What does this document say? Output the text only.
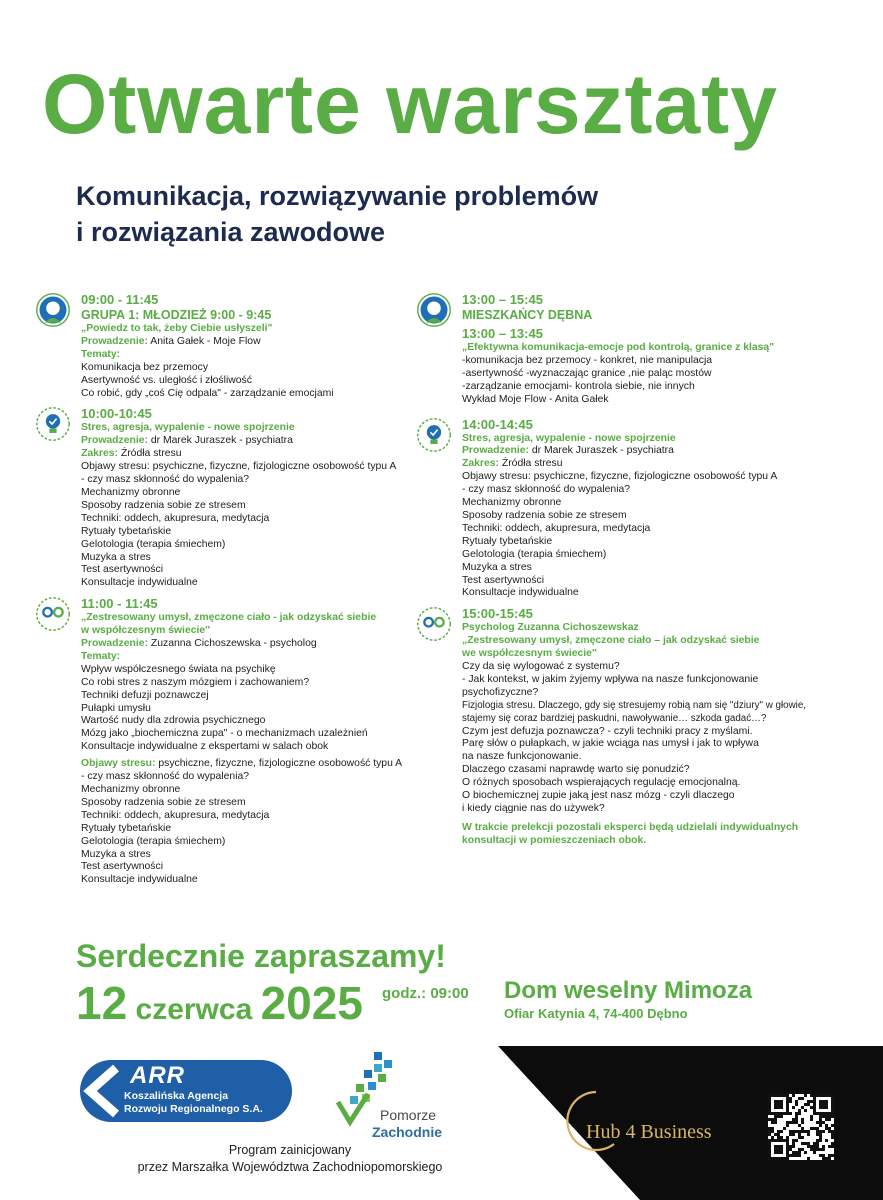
Otwarte warsztaty
Komunikacja, rozwiązywanie problemów
i rozwiązania zawodowe
09:00 - 11:45
GRUPA 1: MŁODZIEŻ 9:00 - 9:45
„Powiedz to tak, żeby Ciebie usłyszeli"
Prowadzenie: Anita Gałek - Moje Flow
Tematy:
Komunikacja bez przemocy
Asertywność vs. uległość i złośliwość
Co robić, gdy „coś Cię odpala" - zarządzanie emocjami
10:00-10:45
Stres, agresja, wypalenie - nowe spojrzenie
Prowadzenie: dr Marek Juraszek - psychiatra
Zakres: Źródła stresu
Objawy stresu: psychiczne, fizyczne, fizjologiczne osobowość typu A
- czy masz skłonność do wypalenia?
Mechanizmy obronne
Sposoby radzenia sobie ze stresem
Techniki: oddech, akupresura, medytacja
Rytuały tybetańskie
Gelotologia (terapia śmiechem)
Muzyka a stres
Test asertywności
Konsultacje indywidualne
11:00 - 11:45
„Zestresowany umysł, zmęczone ciało - jak odzyskać siebie
w współczesnym świecie"
Prowadzenie: Zuzanna Cichoszewska - psycholog
Tematy:
Wpływ współczesnego świata na psychikę
Co robi stres z naszym mózgiem i zachowaniem?
Techniki defuzji poznawczej
Pułapki umysłu
Wartość nudy dla zdrowia psychicznego
Mózg jako „biochemiczna zupa" - o mechanizmach uzależnień
Konsultacje indywidualne z ekspertami w salach obok
Objawy stresu: psychiczne, fizyczne, fizjologiczne osobowość typu A
- czy masz skłonność do wypalenia?
Mechanizmy obronne
Sposoby radzenia sobie ze stresem
Techniki: oddech, akupresura, medytacja
Rytuały tybetańskie
Gelotologia (terapia śmiechem)
Muzyka a stres
Test asertywności
Konsultacje indywidualne
13:00 – 15:45
MIESZKAŃCY DĘBNA
13:00 – 13:45
„Efektywna komunikacja-emocje pod kontrolą, granice z klasą"
-komunikacja bez przemocy - konkret, nie manipulacja
-asertywność -wyznaczając granice ,nie paląc mostów
-zarządzanie emocjami- kontrola siebie, nie innych
Wykład Moje Flow - Anita Gałek
14:00-14:45
Stres, agresja, wypalenie - nowe spojrzenie
Prowadzenie: dr Marek Juraszek - psychiatra
Zakres: Źródła stresu
Objawy stresu: psychiczne, fizyczne, fizjologiczne osobowość typu A
- czy masz skłonność do wypalenia?
Mechanizmy obronne
Sposoby radzenia sobie ze stresem
Techniki: oddech, akupresura, medytacja
Rytuały tybetańskie
Gelotologia (terapia śmiechem)
Muzyka a stres
Test asertywności
Konsultacje indywidualne
15:00-15:45
Psycholog Zuzanna Cichoszewskaz
„Zestresowany umysł, zmęczone ciało – jak odzyskać siebie
we współczesnym świecie"
Czy da się wylogować z systemu?
- Jak kontekst, w jakim żyjemy wpływa na nasze funkcjonowanie
psychofizyczne?
Fizjologia stresu. Dlaczego, gdy się stresujemy robią nam się "dziury" w głowie,
stajemy się coraz bardziej paskudni, nawoływanie… szkoda gadać…?
Czym jest defuzja poznawcza? - czyli techniki pracy z myślami.
Parę słów o pułapkach, w jakie wciąga nas umysł i jak to wpływa
na nasze funkcjonowanie.
Dlaczego czasami naprawdę warto się ponudzić?
O różnych sposobach wspierających regulację emocjonalną.
O biochemicznej zupie jaką jest nasz mózg - czyli dlaczego
i kiedy ciągnie nas do używek?
W trakcie prelekcji pozostali eksperci będą udzielali indywidualnych
konsultacji w pomieszczeniach obok.
Serdecznie zapraszamy!
12 czerwca 2025 godz.: 09:00 Dom weselny Mimoza
Ofiar Katynia 4, 74-400 Dębno
ARR
Koszalińska Agencja
Rozwoju Regionalnego S.A.	Pomorze
Zachodnie
Program zainicjowany
przez Marszałka Województwa Zachodniopomorskiego
Hub 4 Business
